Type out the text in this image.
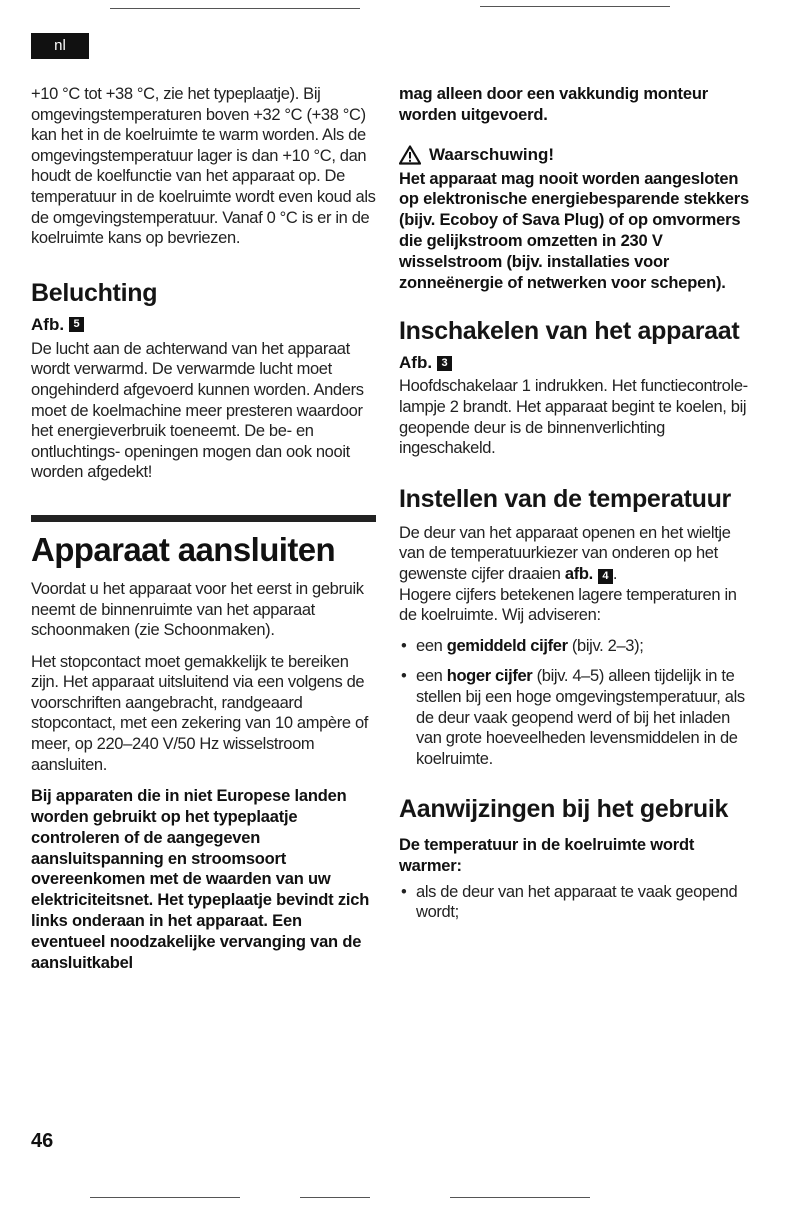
nl

+10 °C tot +38 °C, zie het typeplaatje). Bij omgevingstemperaturen boven +32 °C (+38 °C) kan het in de koelruimte te warm worden. Als de omgevingstemperatuur lager is dan +10 °C, dan houdt de koelfunctie van het apparaat op. De temperatuur in de koelruimte wordt even koud als de omgevingstemperatuur. Vanaf 0 °C is er in de koelruimte kans op bevriezen.

Beluchting
Afb. 5

De lucht aan de achterwand van het apparaat wordt verwarmd. De verwarmde lucht moet ongehinderd afgevoerd kunnen worden. Anders moet de koelmachine meer presteren waardoor het energieverbruik toeneemt. De be- en ontluchtings- openingen mogen dan ook nooit worden afgedekt!

Apparaat aansluiten

Voordat u het apparaat voor het eerst in gebruik neemt de binnenruimte van het apparaat schoonmaken (zie Schoonmaken).

Het stopcontact moet gemakkelijk te bereiken zijn. Het apparaat uitsluitend via een volgens de voorschriften aangebracht, randgeaard stopcontact, met een zekering van 10 ampère of meer, op 220–240 V/50 Hz wisselstroom aansluiten.

Bij apparaten die in niet Europese landen worden gebruikt op het typeplaatje controleren of de aangegeven aansluitspanning en stroomsoort overeenkomen met de waarden van uw elektriciteitsnet. Het typeplaatje bevindt zich links onderaan in het apparaat. Een eventueel noodzakelijke vervanging van de aansluitkabel

mag alleen door een vakkundig monteur worden uitgevoerd.

Waarschuwing!

Het apparaat mag nooit worden aangesloten op elektronische energiebesparende stekkers (bijv. Ecoboy of Sava Plug) of op omvormers die gelijkstroom omzetten in 230 V wisselstroom (bijv. installaties voor zonneënergie of netwerken voor schepen).

Inschakelen van het apparaat
Afb. 3

Hoofdschakelaar 1 indrukken. Het functiecontrole- lampje 2 brandt. Het apparaat begint te koelen, bij geopende deur is de binnenverlichting ingeschakeld.

Instellen van de temperatuur

De deur van het apparaat openen en het wieltje van de temperatuurkiezer van onderen op het gewenste cijfer draaien afb. 4 .

Hogere cijfers betekenen lagere temperaturen in de koelruimte. Wij adviseren:

• een gemiddeld cijfer (bijv. 2–3);
• een hoger cijfer (bijv. 4–5) alleen tijdelijk in te stellen bij een hoge omgevingstemperatuur, als de deur vaak geopend werd of bij het inladen van grote hoeveelheden levensmiddelen in de koelruimte.
Aanwijzingen bij het gebruik

De temperatuur in de koelruimte wordt warmer:

• als de deur van het apparaat te vaak geopend wordt;
46
